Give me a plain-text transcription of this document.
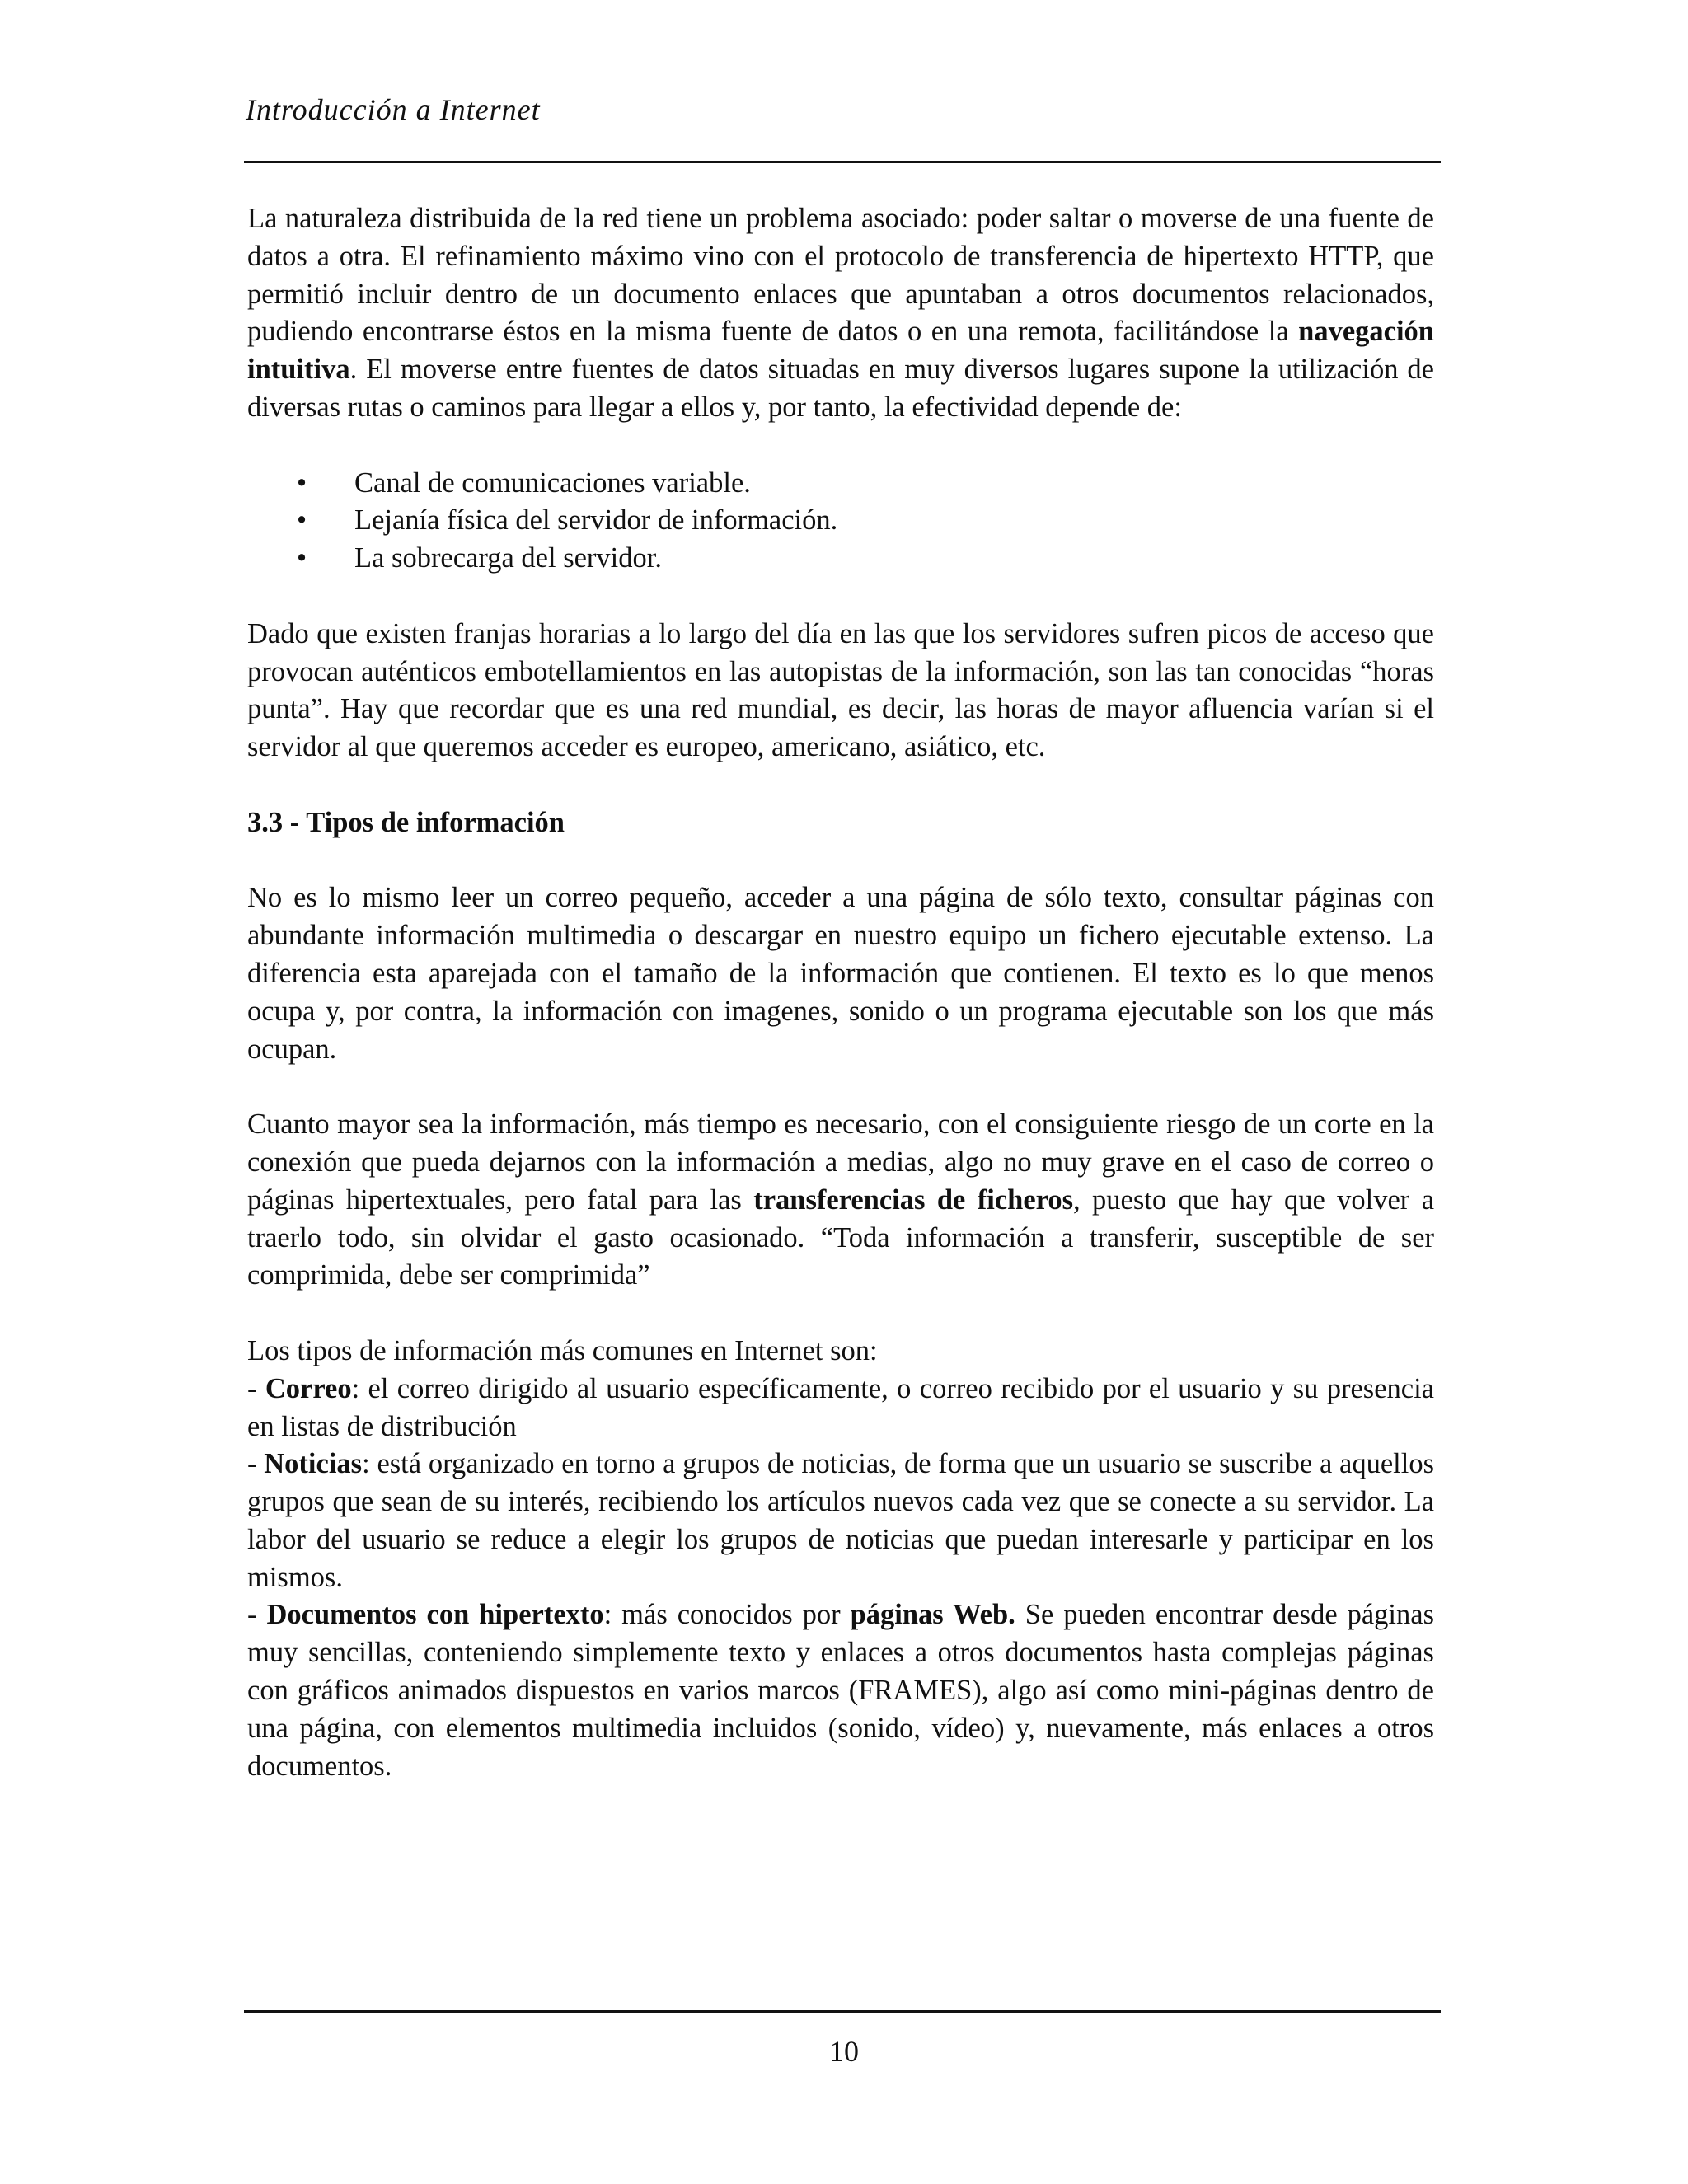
Introducción a Internet

La naturaleza distribuida de la red tiene un problema asociado: poder saltar o moverse de una fuente de datos a otra. El refinamiento máximo vino con el protocolo de transferencia de hipertexto HTTP, que permitió incluir dentro de un documento enlaces que apuntaban a otros documentos relacionados, pudiendo encontrarse éstos en la misma fuente de datos o en una remota, facilitándose la navegación intuitiva. El moverse entre fuentes de datos situadas en muy diversos lugares supone la utilización de diversas rutas o caminos para llegar a ellos y, por tanto, la efectividad depende de:

• Canal de comunicaciones variable.
• Lejanía física del servidor de información.
• La sobrecarga del servidor.

Dado que existen franjas horarias a lo largo del día en las que los servidores sufren picos de acceso que provocan auténticos embotellamientos en las autopistas de la información, son las tan conocidas “horas punta”. Hay que recordar que es una red mundial, es decir, las horas de mayor afluencia varían si el servidor al que queremos acceder es europeo, americano, asiático, etc.

3.3 - Tipos de información

No es lo mismo leer un correo pequeño, acceder a una página de sólo texto, consultar páginas con abundante información multimedia o descargar en nuestro equipo un fichero ejecutable extenso. La diferencia esta aparejada con el tamaño de la información que contienen. El texto es lo que menos ocupa y, por contra, la información con imagenes, sonido o un programa ejecutable son los que más ocupan.

Cuanto mayor sea la información, más tiempo es necesario, con el consiguiente riesgo de un corte en la conexión que pueda dejarnos con la información a medias, algo no muy grave en el caso de correo o páginas hipertextuales, pero fatal para las transferencias de ficheros, puesto que hay que volver a traerlo todo, sin olvidar el gasto ocasionado. “Toda información a transferir, susceptible de ser comprimida, debe ser comprimida”

Los tipos de información más comunes en Internet son:

- Correo: el correo dirigido al usuario específicamente, o correo recibido por el usuario y su presencia en listas de distribución

- Noticias: está organizado en torno a grupos de noticias, de forma que un usuario se suscribe a aquellos grupos que sean de su interés, recibiendo los artículos nuevos cada vez que se conecte a su servidor. La labor del usuario se reduce a elegir los grupos de noticias que puedan interesarle y participar en los mismos.

- Documentos con hipertexto: más conocidos por páginas Web. Se pueden encontrar desde páginas muy sencillas, conteniendo simplemente texto y enlaces a otros documentos hasta complejas páginas con gráficos animados dispuestos en varios marcos (FRAMES), algo así como mini-páginas dentro de una página, con elementos multimedia incluidos (sonido, vídeo) y, nuevamente, más enlaces a otros documentos.

10
